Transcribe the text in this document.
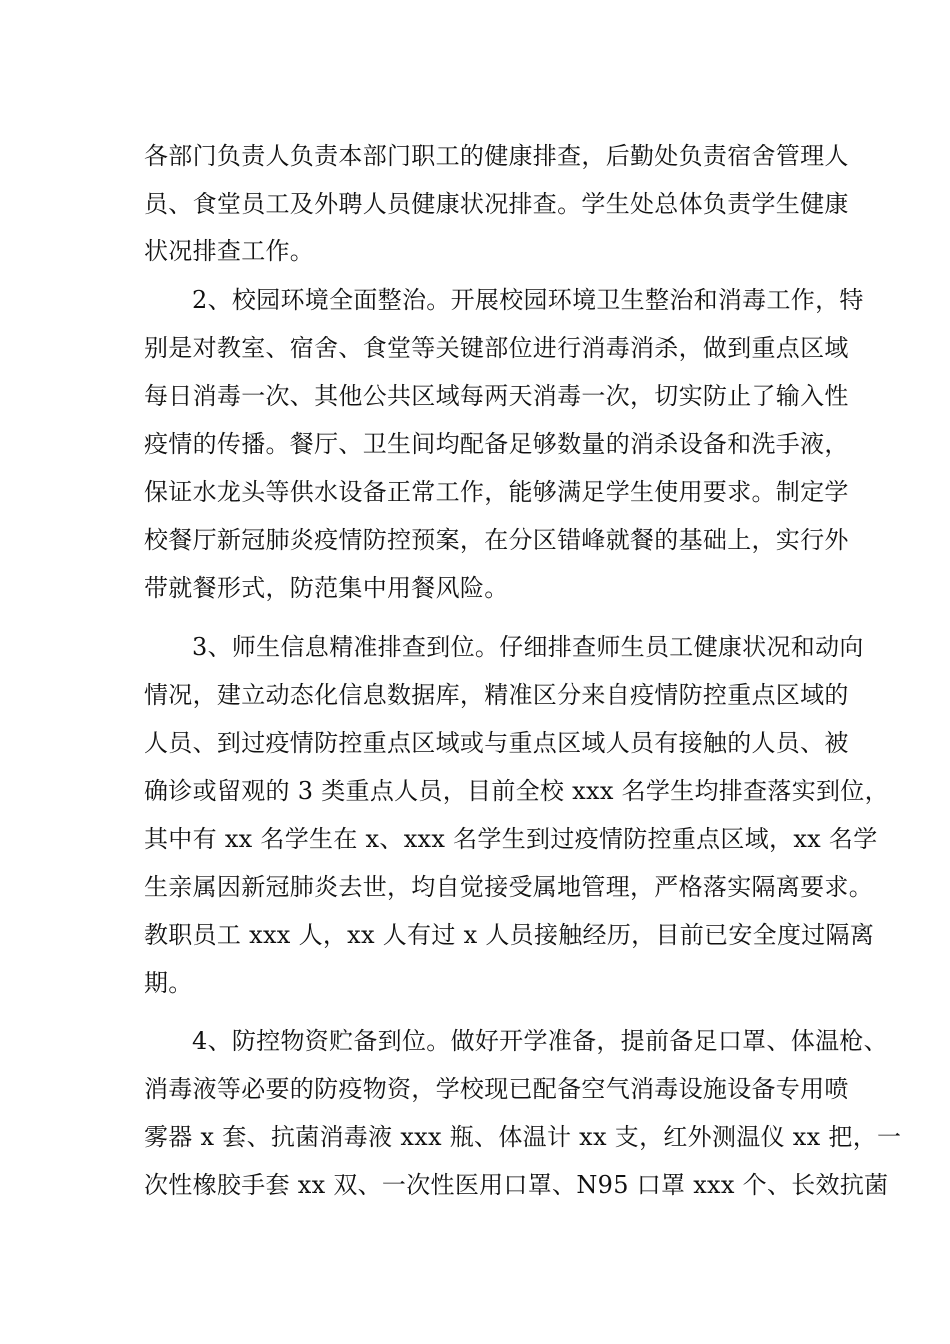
各部门负责人负责本部门职工的健康排查，后勤处负责宿舍管理人

员、食堂员工及外聘人员健康状况排查。学生处总体负责学生健康

状况排查工作。

2、校园环境全面整治。开展校园环境卫生整治和消毒工作，特

别是对教室、宿舍、食堂等关键部位进行消毒消杀，做到重点区域

每日消毒一次、其他公共区域每两天消毒一次，切实防止了输入性

疫情的传播。餐厅、卫生间均配备足够数量的消杀设备和洗手液，

保证水龙头等供水设备正常工作，能够满足学生使用要求。制定学

校餐厅新冠肺炎疫情防控预案，在分区错峰就餐的基础上，实行外

带就餐形式，防范集中用餐风险。

3、师生信息精准排查到位。仔细排查师生员工健康状况和动向

情况，建立动态化信息数据库，精准区分来自疫情防控重点区域的

人员、到过疫情防控重点区域或与重点区域人员有接触的人员、被

确诊或留观的 3 类重点人员，目前全校 xxx 名学生均排查落实到位，

其中有 xx 名学生在 x、xxx 名学生到过疫情防控重点区域，xx 名学

生亲属因新冠肺炎去世，均自觉接受属地管理，严格落实隔离要求。

教职员工 xxx 人，xx 人有过 x 人员接触经历，目前已安全度过隔离

期。

4、防控物资贮备到位。做好开学准备，提前备足口罩、体温枪、

消毒液等必要的防疫物资，学校现已配备空气消毒设施设备专用喷

雾器 x 套、抗菌消毒液 xxx 瓶、体温计 xx 支，红外测温仪 xx 把，一

次性橡胶手套 xx 双、一次性医用口罩、N95 口罩 xxx 个、长效抗菌
